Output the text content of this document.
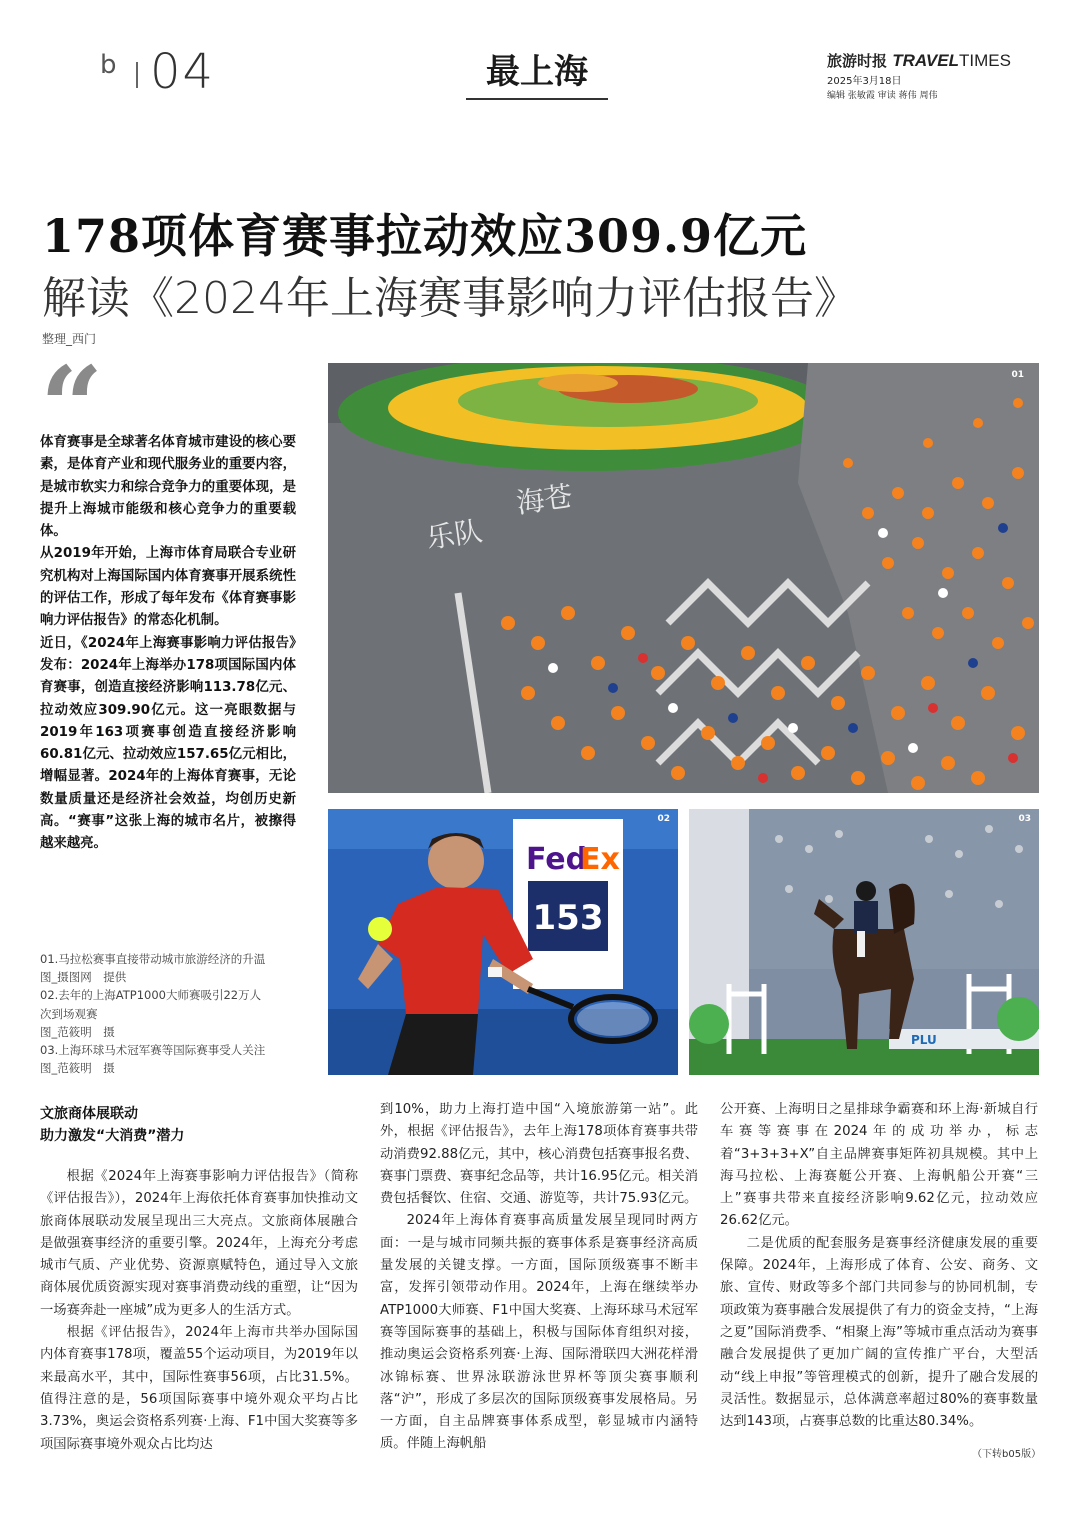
b 04	最上海	旅游时报 TRAVELTIMES
2025年3月18日
编辑 张敏霞 审读 蒋伟 周伟
178项体育赛事拉动效应309.9亿元
解读《2024年上海赛事影响力评估报告》
整理_西门
“

体育赛事是全球著名体育城市建设的核心要素，是体育产业和现代服务业的重要内容，是城市软实力和综合竞争力的重要体现，是提升上海城市能级和核心竞争力的重要载体。

从2019年开始，上海市体育局联合专业研究机构对上海国际国内体育赛事开展系统性的评估工作，形成了每年发布《体育赛事影响力评估报告》的常态化机制。

近日，《2024年上海赛事影响力评估报告》发布：2024年上海举办178项国际国内体育赛事，创造直接经济影响113.78亿元、拉动效应309.90亿元。这一亮眼数据与2019年163项赛事创造直接经济影响60.81亿元、拉动效应157.65亿元相比，增幅显著。2024年的上海体育赛事，无论数量质量还是经济社会效益，均创历史新高。“赛事”这张上海的城市名片，被擦得越来越亮。

乐队
海苍
01
Fed
Ex
153
02
PLU
03
01.马拉松赛事直接带动城市旅游经济的升温
图_摄图网　提供
02.去年的上海ATP1000大师赛吸引22万人
次到场观赛
图_范筱明　摄
03.上海环球马术冠军赛等国际赛事受人关注
图_范筱明　摄
文旅商体展联动
助力激发“大消费”潜力

根据《2024年上海赛事影响力评估报告》（简称《评估报告》），2024年上海依托体育赛事加快推动文旅商体展联动发展呈现出三大亮点。文旅商体展融合是做强赛事经济的重要引擎。2024年，上海充分考虑城市气质、产业优势、资源禀赋特色，通过导入文旅商体展优质资源实现对赛事消费动线的重塑，让“因为一场赛奔赴一座城”成为更多人的生活方式。

根据《评估报告》，2024年上海市共举办国际国内体育赛事178项，覆盖55个运动项目，为2019年以来最高水平，其中，国际性赛事56项，占比31.5%。值得注意的是，56项国际赛事中境外观众平均占比3.73%，奥运会资格系列赛·上海、F1中国大奖赛等多项国际赛事境外观众占比均达

到10%，助力上海打造中国“入境旅游第一站”。此外，根据《评估报告》，去年上海178项体育赛事共带动消费92.88亿元，其中，核心消费包括赛事报名费、赛事门票费、赛事纪念品等，共计16.95亿元。相关消费包括餐饮、住宿、交通、游览等，共计75.93亿元。

2024年上海体育赛事高质量发展呈现同时两方面：一是与城市同频共振的赛事体系是赛事经济高质量发展的关键支撑。一方面，国际顶级赛事不断丰富，发挥引领带动作用。2024年，上海在继续举办ATP1000大师赛、F1中国大奖赛、上海环球马术冠军赛等国际赛事的基础上，积极与国际体育组织对接，推动奥运会资格系列赛·上海、国际滑联四大洲花样滑冰锦标赛、世界泳联游泳世界杯等顶尖赛事顺利落“沪”，形成了多层次的国际顶级赛事发展格局。另一方面，自主品牌赛事体系成型，彰显城市内涵特质。伴随上海帆船

公开赛、上海明日之星排球争霸赛和环上海·新城自行车赛等赛事在2024年的成功举办，标志着“3+3+3+X”自主品牌赛事矩阵初具规模。其中上海马拉松、上海赛艇公开赛、上海帆船公开赛“三上”赛事共带来直接经济影响9.62亿元，拉动效应26.62亿元。

二是优质的配套服务是赛事经济健康发展的重要保障。2024年，上海形成了体育、公安、商务、文旅、宣传、财政等多个部门共同参与的协同机制，专项政策为赛事融合发展提供了有力的资金支持，“上海之夏”国际消费季、“相聚上海”等城市重点活动为赛事融合发展提供了更加广阔的宣传推广平台，大型活动“线上申报”等管理模式的创新，提升了融合发展的灵活性。数据显示，总体满意率超过80%的赛事数量达到143项，占赛事总数的比重达80.34%。

（下转b05版）
